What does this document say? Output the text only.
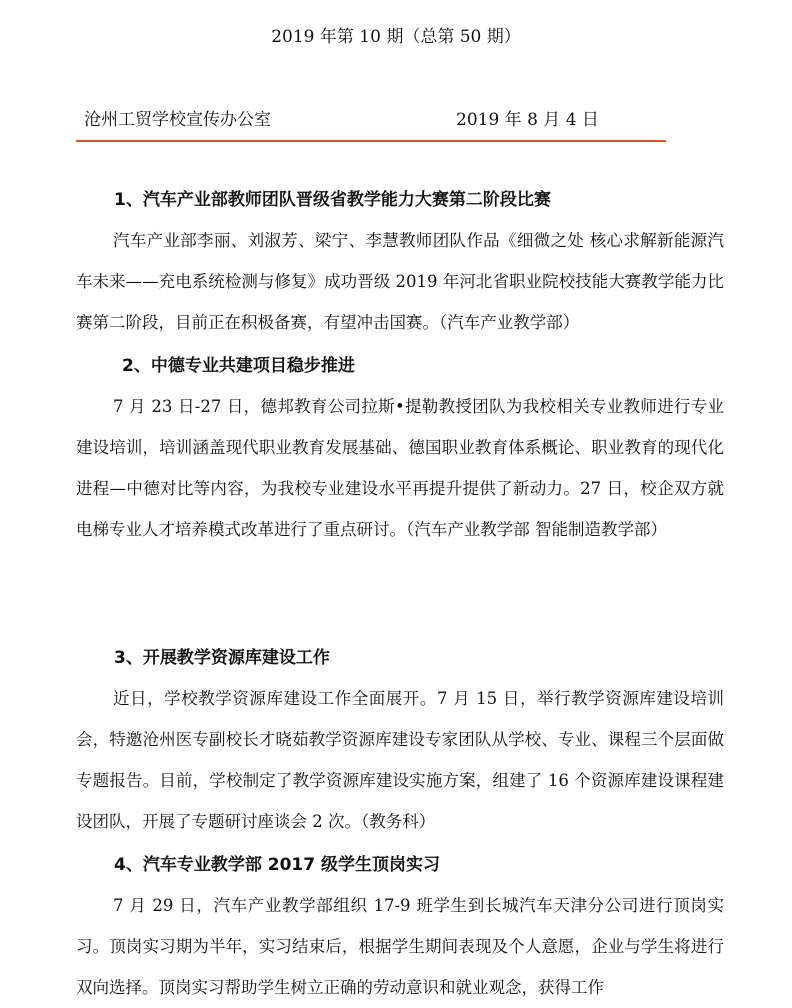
2019 年第 10 期（总第 50 期）
沧州工贸学校宣传办公室	2019 年 8 月 4 日

1、汽车产业部教师团队晋级省教学能力大赛第二阶段比赛

汽车产业部李丽、刘淑芳、梁宁、李慧教师团队作品《细微之处 核心求解新能源汽车未来——充电系统检测与修复》成功晋级 2019 年河北省职业院校技能大赛教学能力比赛第二阶段，目前正在积极备赛，有望冲击国赛。（汽车产业教学部）

2、中德专业共建项目稳步推进

7 月 23 日-27 日，德邦教育公司拉斯•提勒教授团队为我校相关专业教师进行专业建设培训，培训涵盖现代职业教育发展基础、德国职业教育体系概论、职业教育的现代化进程—中德对比等内容，为我校专业建设水平再提升提供了新动力。27 日，校企双方就电梯专业人才培养模式改革进行了重点研讨。（汽车产业教学部 智能制造教学部）

3、开展教学资源库建设工作

近日，学校教学资源库建设工作全面展开。7 月 15 日，举行教学资源库建设培训会，特邀沧州医专副校长才晓茹教学资源库建设专家团队从学校、专业、课程三个层面做专题报告。目前，学校制定了教学资源库建设实施方案，组建了 16 个资源库建设课程建设团队，开展了专题研讨座谈会 2 次。（教务科）

4、汽车专业教学部 2017 级学生顶岗实习

7 月 29 日，汽车产业教学部组织 17-9 班学生到长城汽车天津分公司进行顶岗实习。顶岗实习期为半年，实习结束后，根据学生期间表现及个人意愿，企业与学生将进行双向选择。顶岗实习帮助学生树立正确的劳动意识和就业观念，获得工作
